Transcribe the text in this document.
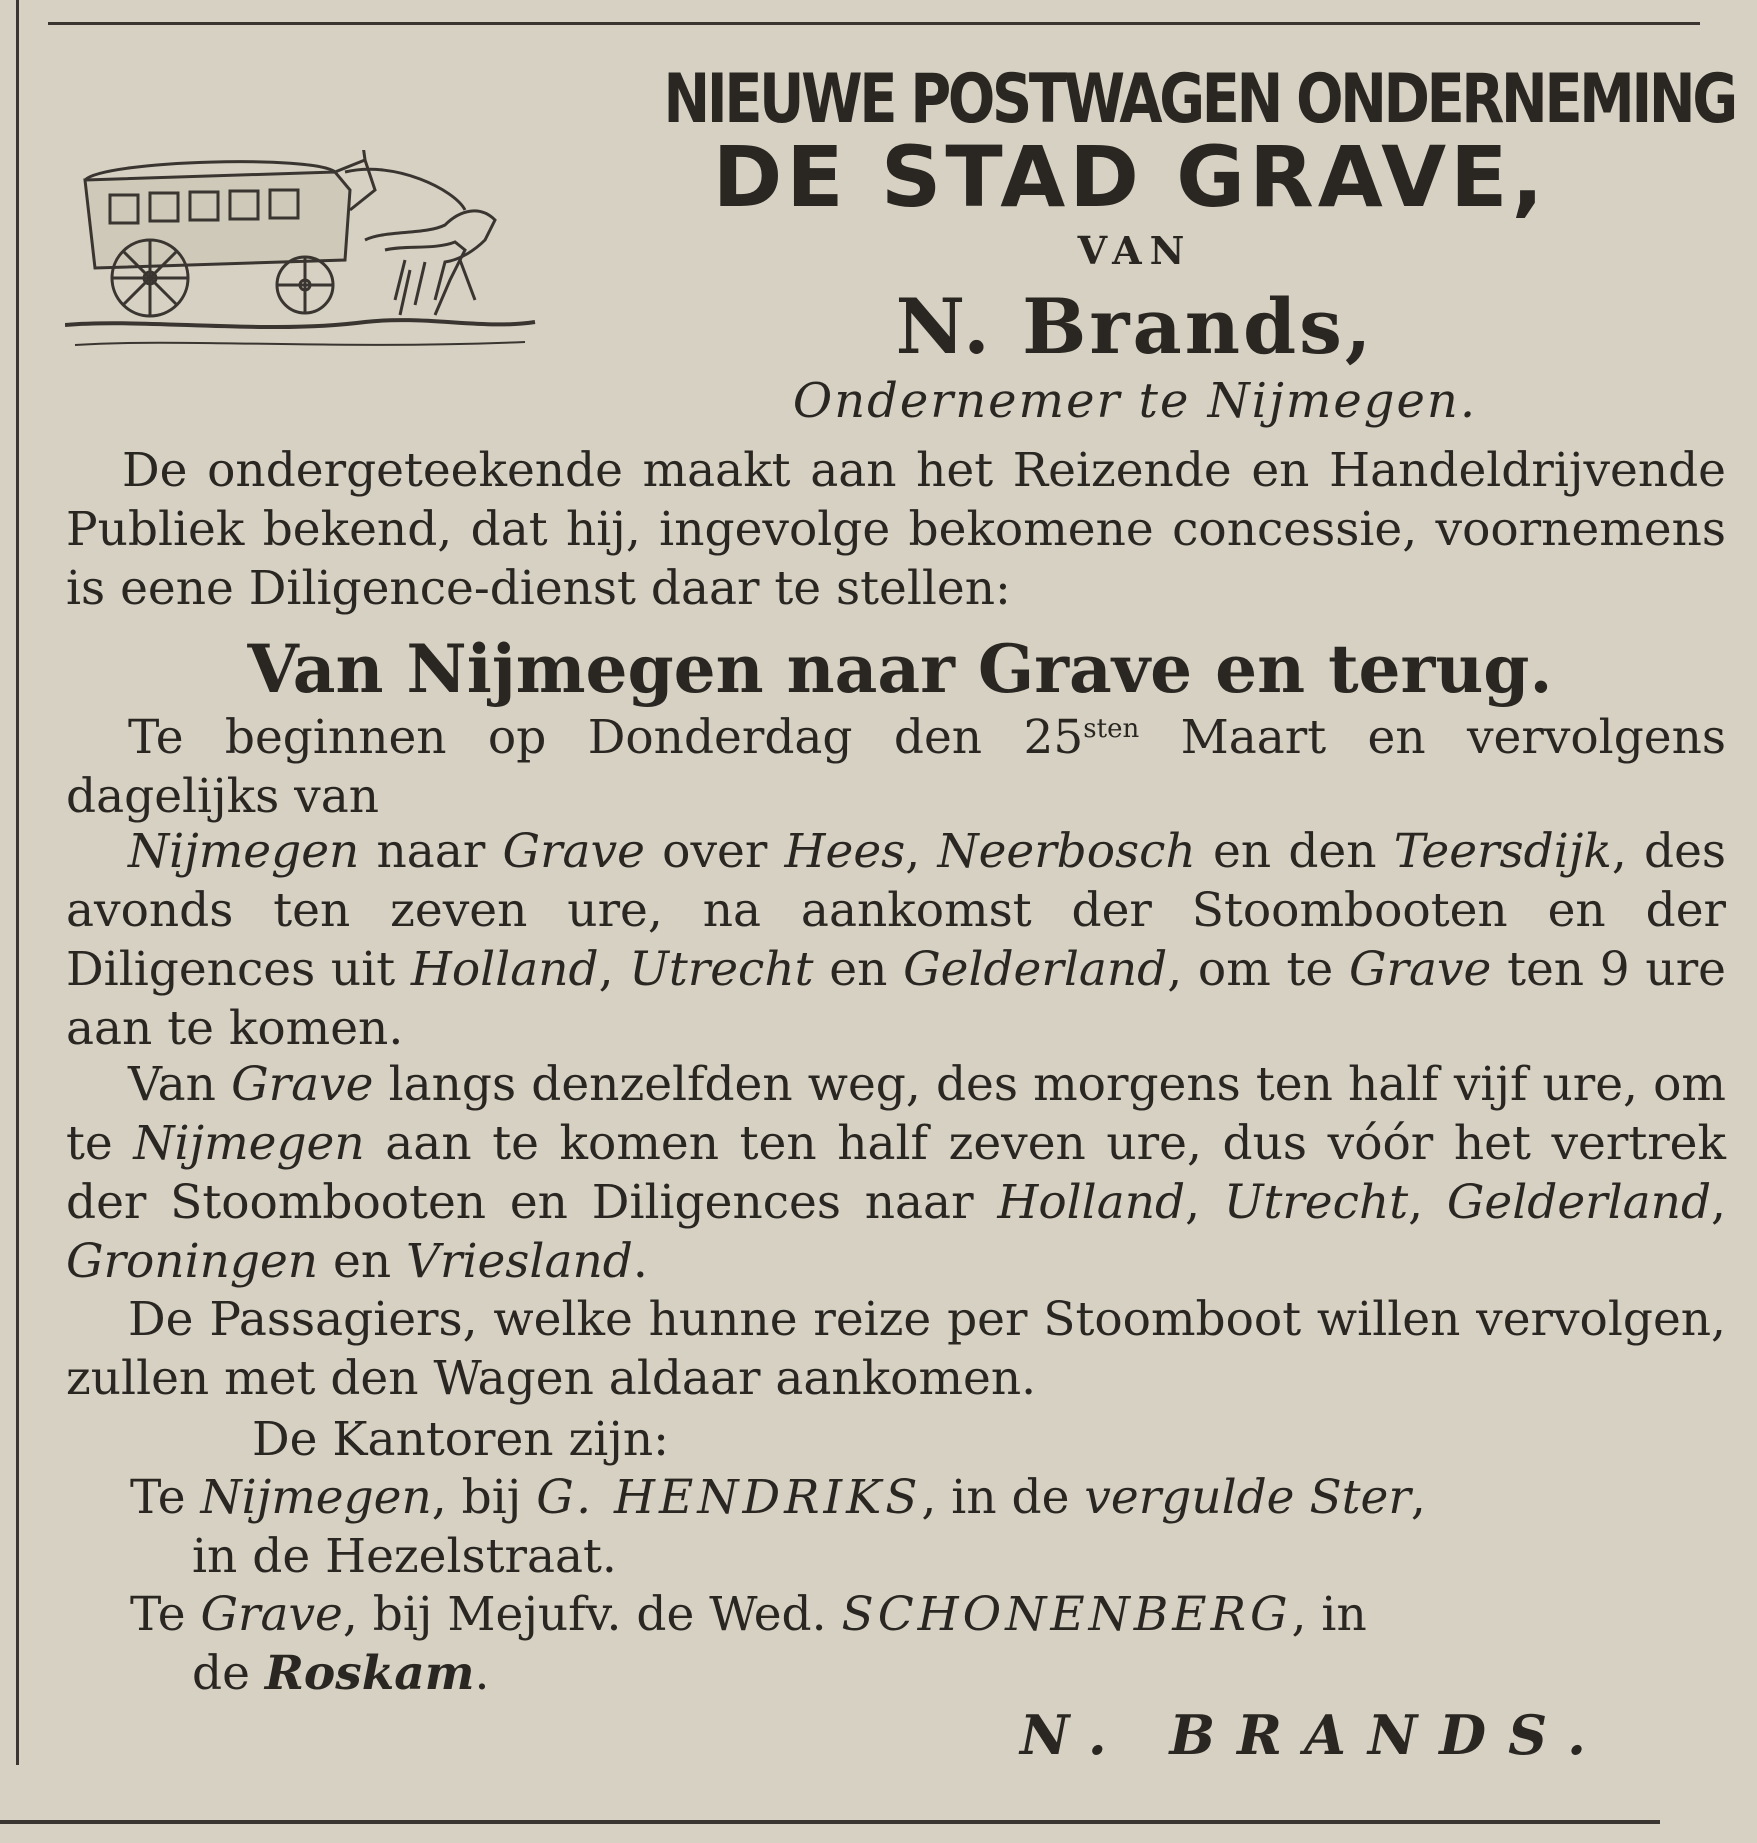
NIEUWE POSTWAGEN ONDERNEMING
DE STAD GRAVE,
VAN
N. Brands,
Ondernemer te Nijmegen.
De ondergeteekende maakt aan het Reizende en Handeldrijvende Publiek bekend, dat hij, ingevolge bekomene concessie, voornemens is eene Diligence-dienst daar te stellen:
Van Nijmegen naar Grave en terug.
Te beginnen op Donderdag den $25^{sten}$ Maart en vervolgens dagelijks van
Nijmegen naar Grave over Hees, Neerbosch en den Teersdijk, des avonds ten zeven ure, na aankomst der Stoombooten en der Diligences uit Holland, Utrecht en Gelderland, om te Grave ten 9 ure aan te komen.
Van Grave langs denzelfden weg, des morgens ten half vijf ure, om te Nijmegen aan te komen ten half zeven ure, dus vóór het vertrek der Stoombooten en Diligences naar Holland, Utrecht, Gelderland, Groningen en Vriesland.
De Passagiers, welke hunne reize per Stoomboot willen vervolgen, zullen met den Wagen aldaar aankomen.
De Kantoren zijn:
Te Nijmegen, bij G. HENDRIKS, in de vergulde Ster,
in de Hezelstraat.
Te Grave, bij Mejufv. de Wed. SCHONENBERG, in
de Roskam.
N. BRANDS.
